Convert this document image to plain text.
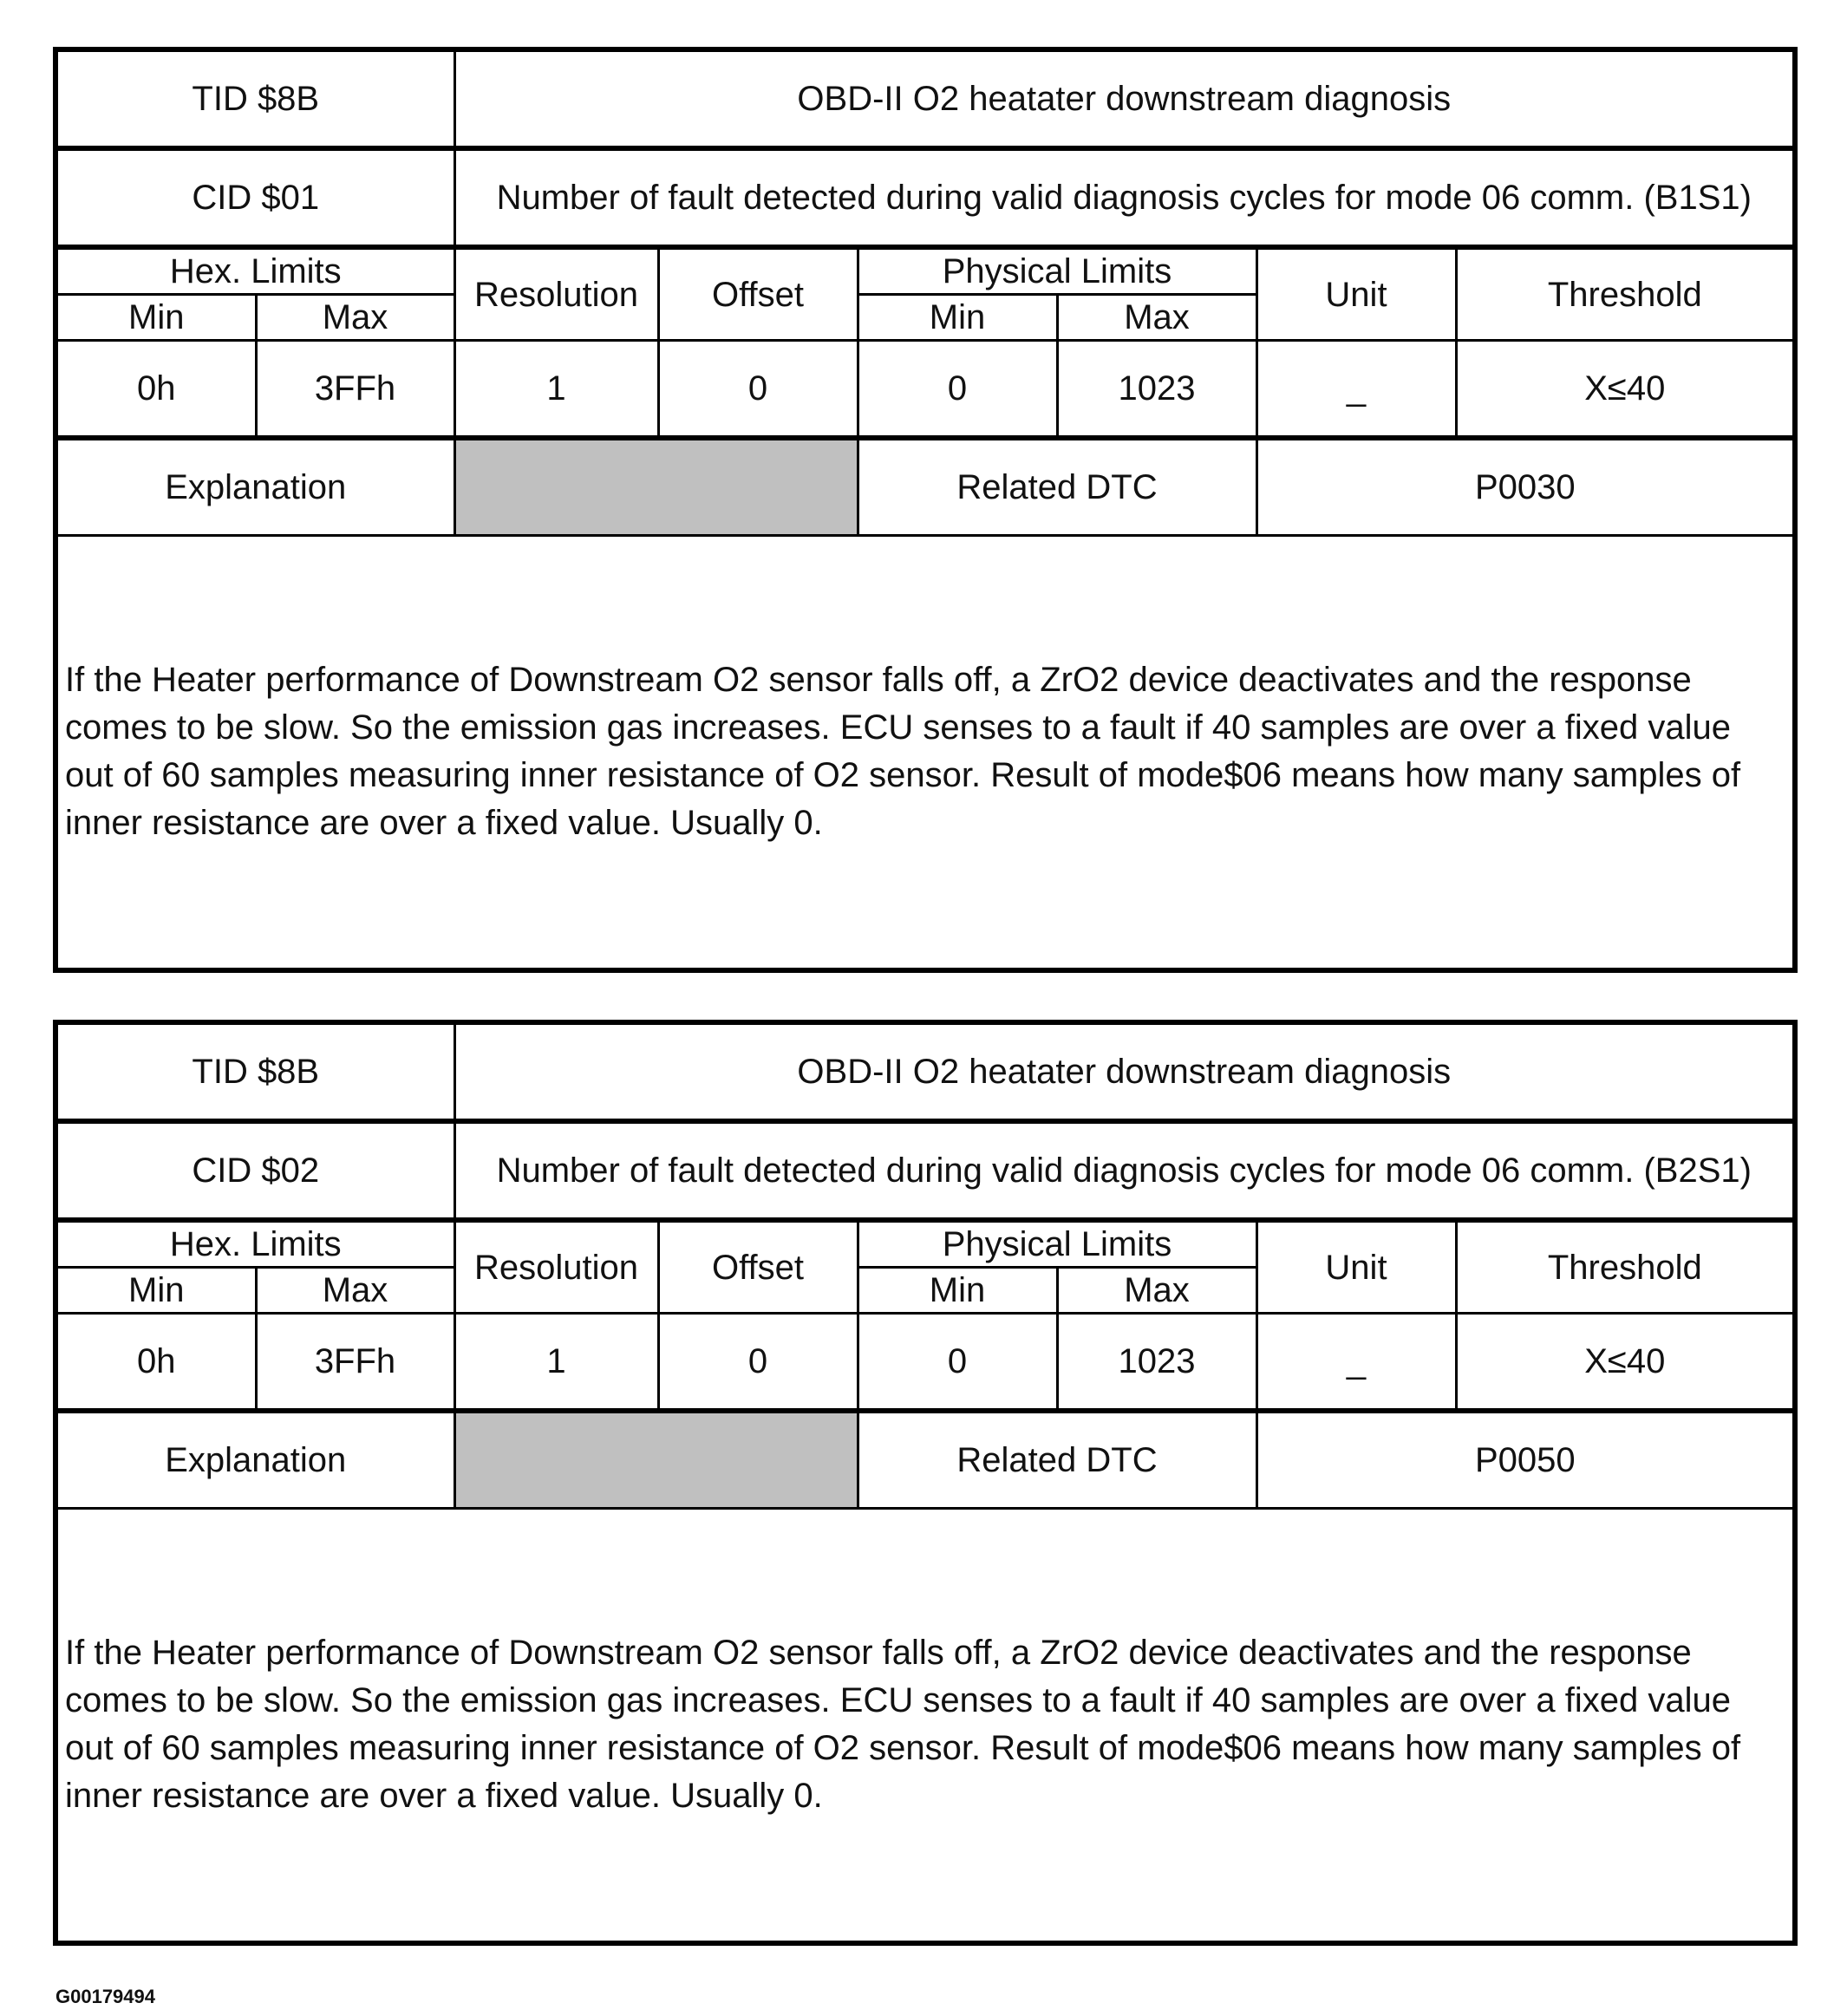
TID $8B		OBD-II O2 heatater downstream diagnosis					
CID $01		Number of fault detected during valid diagnosis cycles for mode 06 comm. (B1S1)					
Hex. Limits		Resolution	Offset	Physical Limits		Unit	Threshold
Min	Max			Min	Max		
0h	3FFh	1	0	0	1023	_	X≤40
Explanation				Related DTC		P0030	
If the Heater performance of Downstream O2 sensor falls off, a ZrO2 device deactivates and the response comes to be slow. So the emission gas increases. ECU senses to a fault if 40 samples are over a fixed value out of 60 samples measuring inner resistance of O2 sensor. Result of mode$06 means how many samples of inner resistance are over a fixed value. Usually 0.							
TID $8B		OBD-II O2 heatater downstream diagnosis					
CID $02		Number of fault detected during valid diagnosis cycles for mode 06 comm. (B2S1)					
Hex. Limits		Resolution	Offset	Physical Limits		Unit	Threshold
Min	Max			Min	Max		
0h	3FFh	1	0	0	1023	_	X≤40
Explanation				Related DTC		P0050	
If the Heater performance of Downstream O2 sensor falls off, a ZrO2 device deactivates and the response comes to be slow. So the emission gas increases. ECU senses to a fault if 40 samples are over a fixed value out of 60 samples measuring inner resistance of O2 sensor. Result of mode$06 means how many samples of inner resistance are over a fixed value. Usually 0.							
G00179494
